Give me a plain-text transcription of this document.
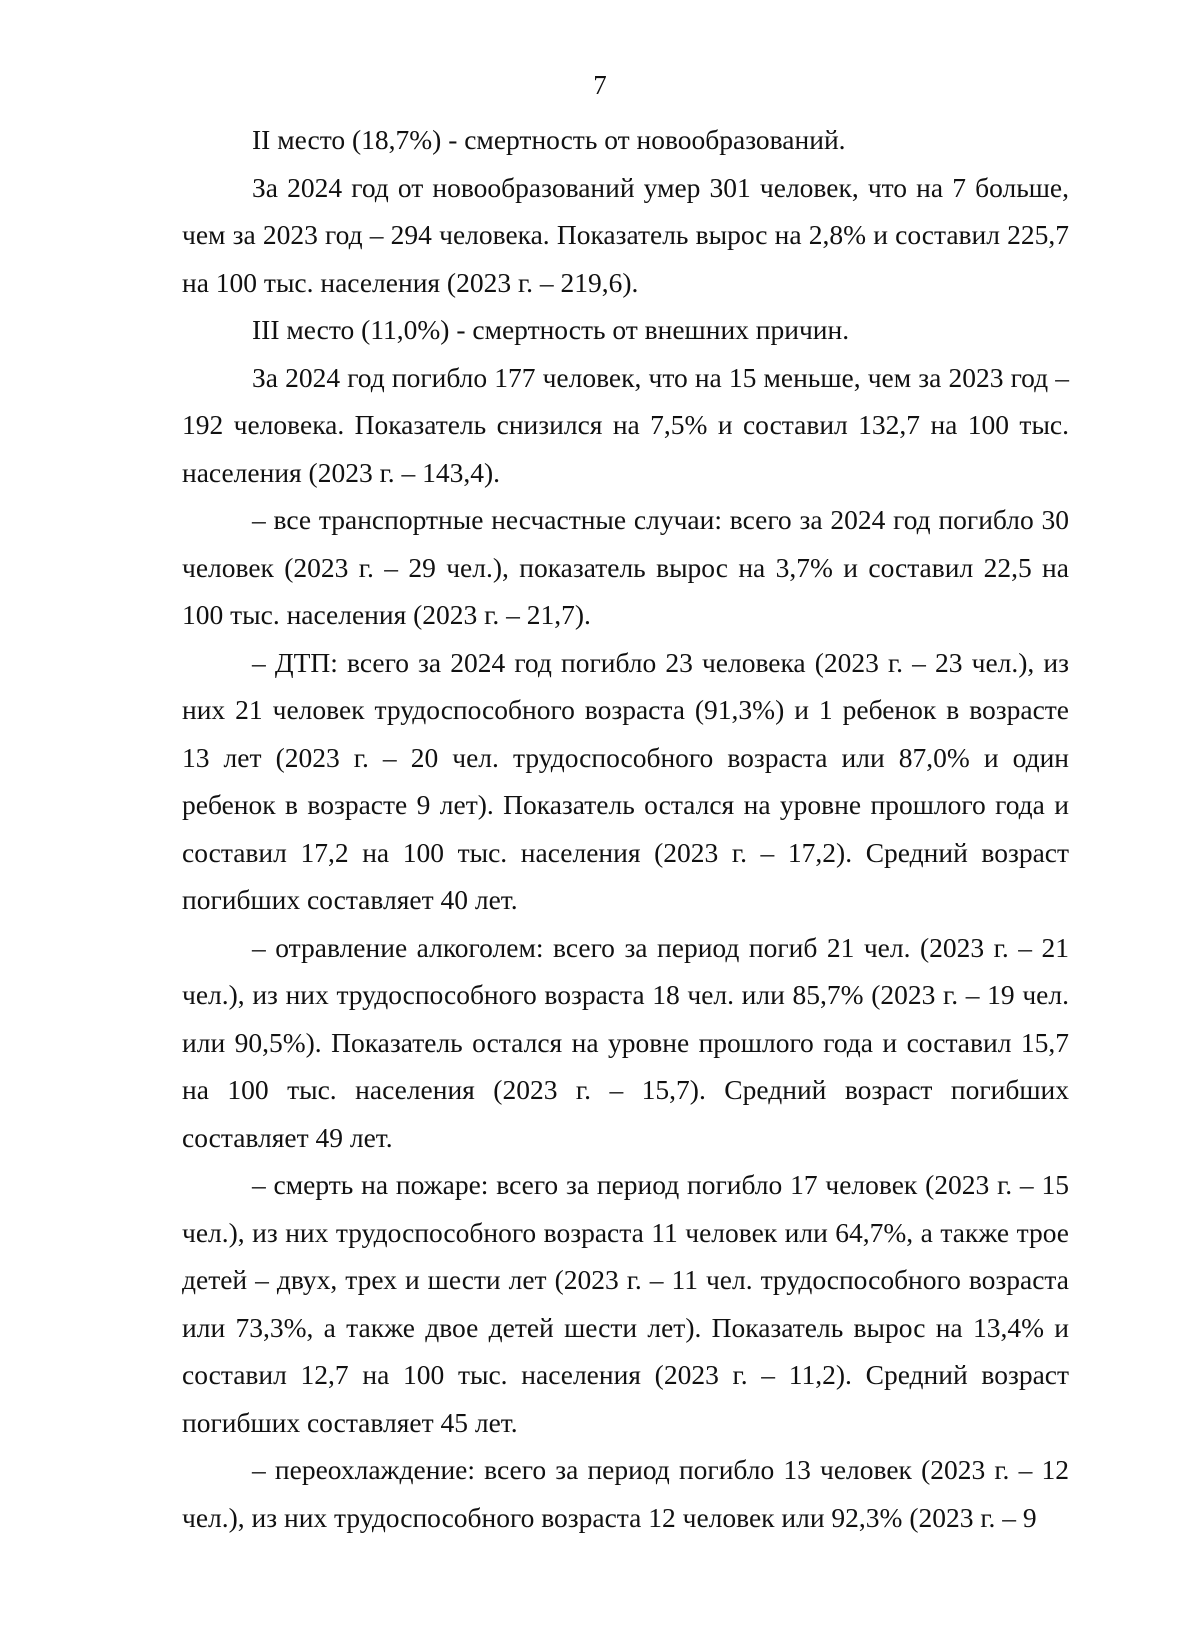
7

II место (18,7%) - смертность от новообразований.

За 2024 год от новообразований умер 301 человек, что на 7 больше, чем за 2023 год – 294 человека. Показатель вырос на 2,8% и составил 225,7 на 100 тыс. населения (2023 г. – 219,6).

III место (11,0%) - смертность от внешних причин.

За 2024 год погибло 177 человек, что на 15 меньше, чем за 2023 год – 192 человека. Показатель снизился на 7,5% и составил 132,7 на 100 тыс. населения (2023 г. – 143,4).

– все транспортные несчастные случаи: всего за 2024 год погибло 30 человек (2023 г. – 29 чел.), показатель вырос на 3,7% и составил 22,5 на 100 тыс. населения (2023 г. – 21,7).

– ДТП: всего за 2024 год погибло 23 человека (2023 г. – 23 чел.), из них 21 человек трудоспособного возраста (91,3%) и 1 ребенок в возрасте 13 лет (2023 г. – 20 чел. трудоспособного возраста или 87,0% и один ребенок в возрасте 9 лет). Показатель остался на уровне прошлого года и составил 17,2 на 100 тыс. населения (2023 г. – 17,2). Средний возраст погибших составляет 40 лет.

– отравление алкоголем: всего за период погиб 21 чел. (2023 г. – 21 чел.), из них трудоспособного возраста 18 чел. или 85,7% (2023 г. – 19 чел. или 90,5%). Показатель остался на уровне прошлого года и составил 15,7 на 100 тыс. населения (2023 г. – 15,7). Средний возраст погибших составляет 49 лет.

– смерть на пожаре: всего за период погибло 17 человек (2023 г. – 15 чел.), из них трудоспособного возраста 11 человек или 64,7%, а также трое детей – двух, трех и шести лет (2023 г. – 11 чел. трудоспособного возраста или 73,3%, а также двое детей шести лет). Показатель вырос на 13,4% и составил 12,7 на 100 тыс. населения (2023 г. – 11,2). Средний возраст погибших составляет 45 лет.

– переохлаждение: всего за период погибло 13 человек (2023 г. – 12 чел.), из них трудоспособного возраста 12 человек или 92,3% (2023 г. – 9
